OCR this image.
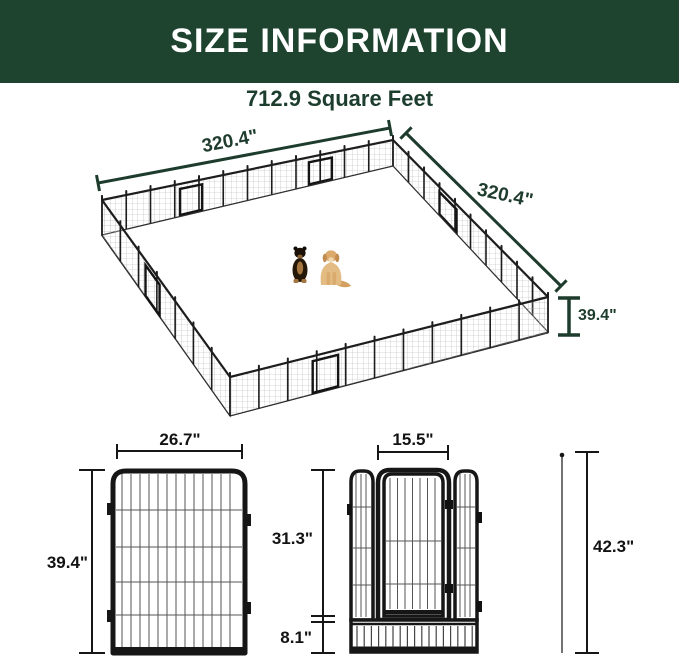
SIZE INFORMATION
712.9 Square Feet
320.4"
320.4"
39.4"
26.7"
39.4"
31.3"
8.1"
15.5"
42.3"
